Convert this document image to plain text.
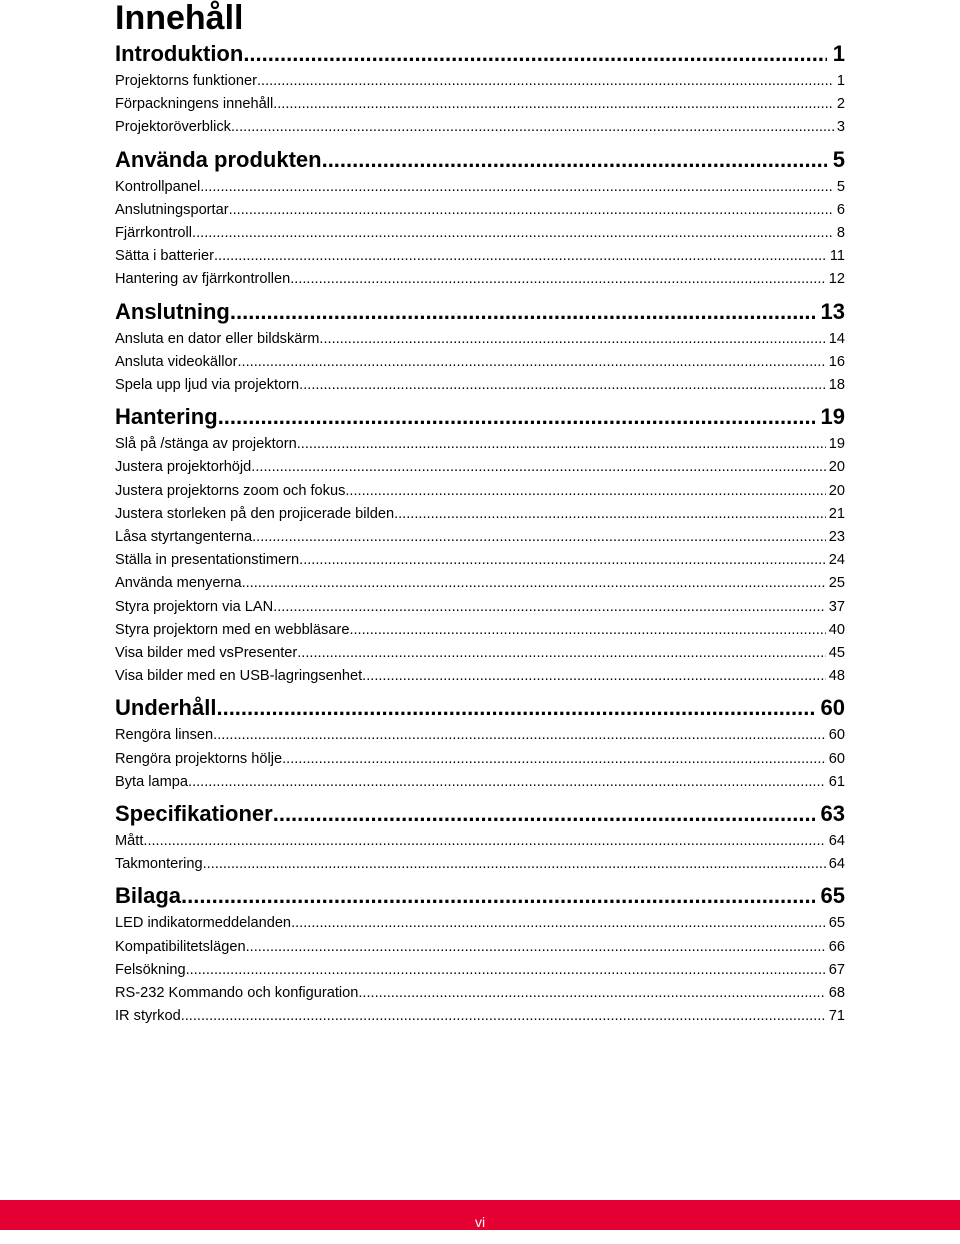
Innehåll
Introduktion .....	1
Projektorns funktioner .....	1
Förpackningens innehåll .....	2
Projektoröverblick .....	3
Använda produkten .....	5
Kontrollpanel .....	5
Anslutningsportar .....	6
Fjärrkontroll .....	8
Sätta i batterier .....	11
Hantering av fjärrkontrollen .....	12
Anslutning .....	13
Ansluta en dator eller bildskärm .....	14
Ansluta videokällor .....	16
Spela upp ljud via projektorn .....	18
Hantering .....	19
Slå på /stänga av projektorn .....	19
Justera projektorhöjd .....	20
Justera projektorns zoom och fokus .....	20
Justera storleken på den projicerade bilden .....	21
Låsa styrtangenterna .....	23
Ställa in presentationstimern .....	24
Använda menyerna .....	25
Styra projektorn via LAN .....	37
Styra projektorn med en webbläsare .....	40
Visa bilder med vsPresenter .....	45
Visa bilder med en USB-lagringsenhet .....	48
Underhåll .....	60
Rengöra linsen .....	60
Rengöra projektorns hölje .....	60
Byta lampa .....	61
Specifikationer .....	63
Mått .....	64
Takmontering .....	64
Bilaga .....	65
LED indikatormeddelanden .....	65
Kompatibilitetslägen .....	66
Felsökning .....	67
RS-232 Kommando och konfiguration .....	68
IR styrkod .....	71
vi
